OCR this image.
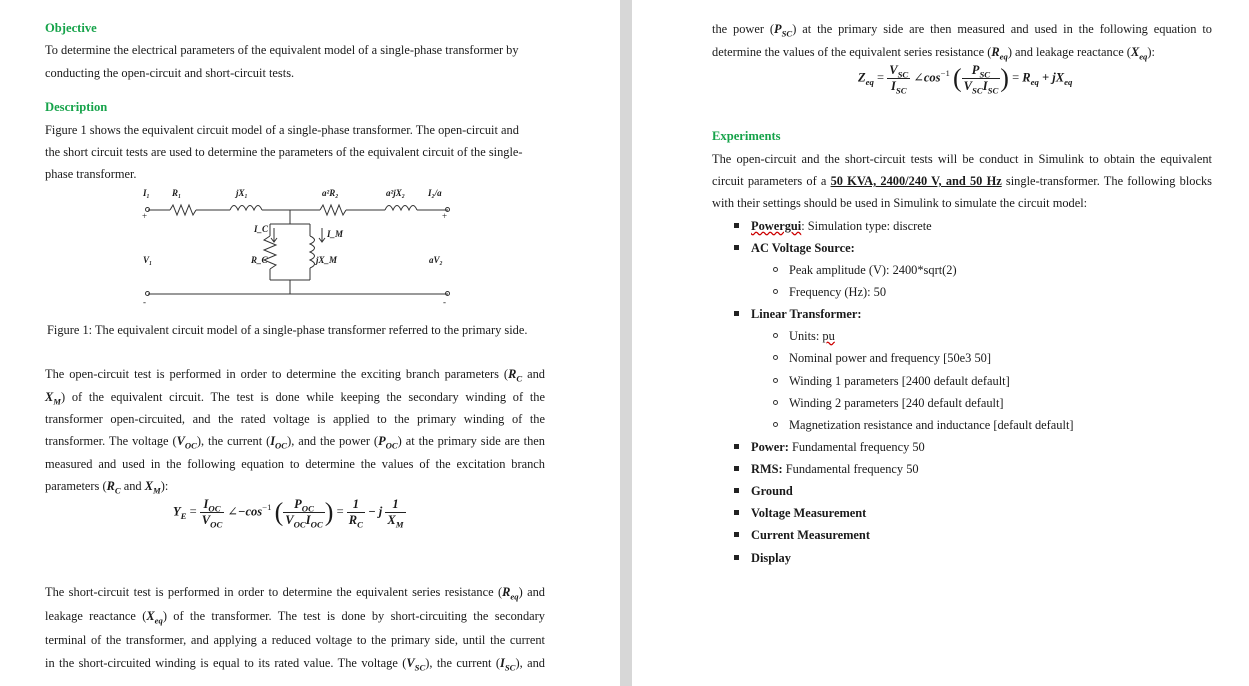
Objective
To determine the electrical parameters of the equivalent model of a single-phase transformer by
conducting the open-circuit and short-circuit tests.
Description
Figure 1 shows the equivalent circuit model of a single-phase transformer. The open-circuit and
the short circuit tests are used to determine the parameters of the equivalent circuit of the single-
phase transformer.
I₁ R₁	jX₁	a²R₂	a²jX₂	I₂/a
+	+
I_C	I_M
V₁	R_C	jX_M	aV₂
-	-
Figure 1: The equivalent circuit model of a single-phase transformer referred to the primary side.
The open-circuit test is performed in order to determine the exciting branch parameters ($R_C$ and
$X_M$) of the equivalent circuit. The test is done while keeping the secondary winding of the
transformer open-circuited, and the rated voltage is applied to the primary winding of the
transformer. The voltage $(V_{OC})$, the current $(I_{OC})$, and the power $(P_{OC})$ at the primary side are then
measured and used in the following equation to determine the values of the excitation branch
parameters ($R_C$ and $X_M$):
$Y_E = \frac{I_{OC}}{V_{OC}}$ $\angle-\cos^{-1}$ ( $\frac{P_{OC}}{V_{OC}I_{OC}}$ ) = $\frac{1}{R_C} - j \frac{1}{X_M}$
The short-circuit test is performed in order to determine the equivalent series resistance $(R_{eq})$ and
leakage reactance $(X_{eq})$ of the transformer. The test is done by short-circuiting the secondary
terminal of the transformer, and applying a reduced voltage to the primary side, until the current
in the short-circuited winding is equal to its rated value. The voltage $(V_{SC})$, the current $(I_{SC})$, and
the power $(P_{SC})$ at the primary side are then measured and used in the following equation to
determine the values of the equivalent series resistance $(R_{eq})$ and leakage reactance $(X_{eq})$:
$Z_{eq} = \frac{V_{SC}}{I_{SC}}$ $\angle\cos^{-1}$ ( $\frac{P_{SC}}{V_{SC}I_{SC}}$ ) = $R_{eq} + jX_{eq}$
Experiments
The open-circuit and the short-circuit tests will be conduct in Simulink to obtain the equivalent
circuit parameters of a 50 KVA, 2400/240 V, and 50 Hz single-transformer. The following blocks
with their settings should be used in Simulink to simulate the circuit model:
Powergui: Simulation type: discrete
AC Voltage Source:
Peak amplitude (V): 2400*sqrt(2)
Frequency (Hz): 50
Linear Transformer:
Units: pu
Nominal power and frequency [50e3 50]
Winding 1 parameters [2400 default default]
Winding 2 parameters [240 default default]
Magnetization resistance and inductance [default default]
Power: Fundamental frequency 50
RMS: Fundamental frequency 50
Ground
Voltage Measurement
Current Measurement
Display
